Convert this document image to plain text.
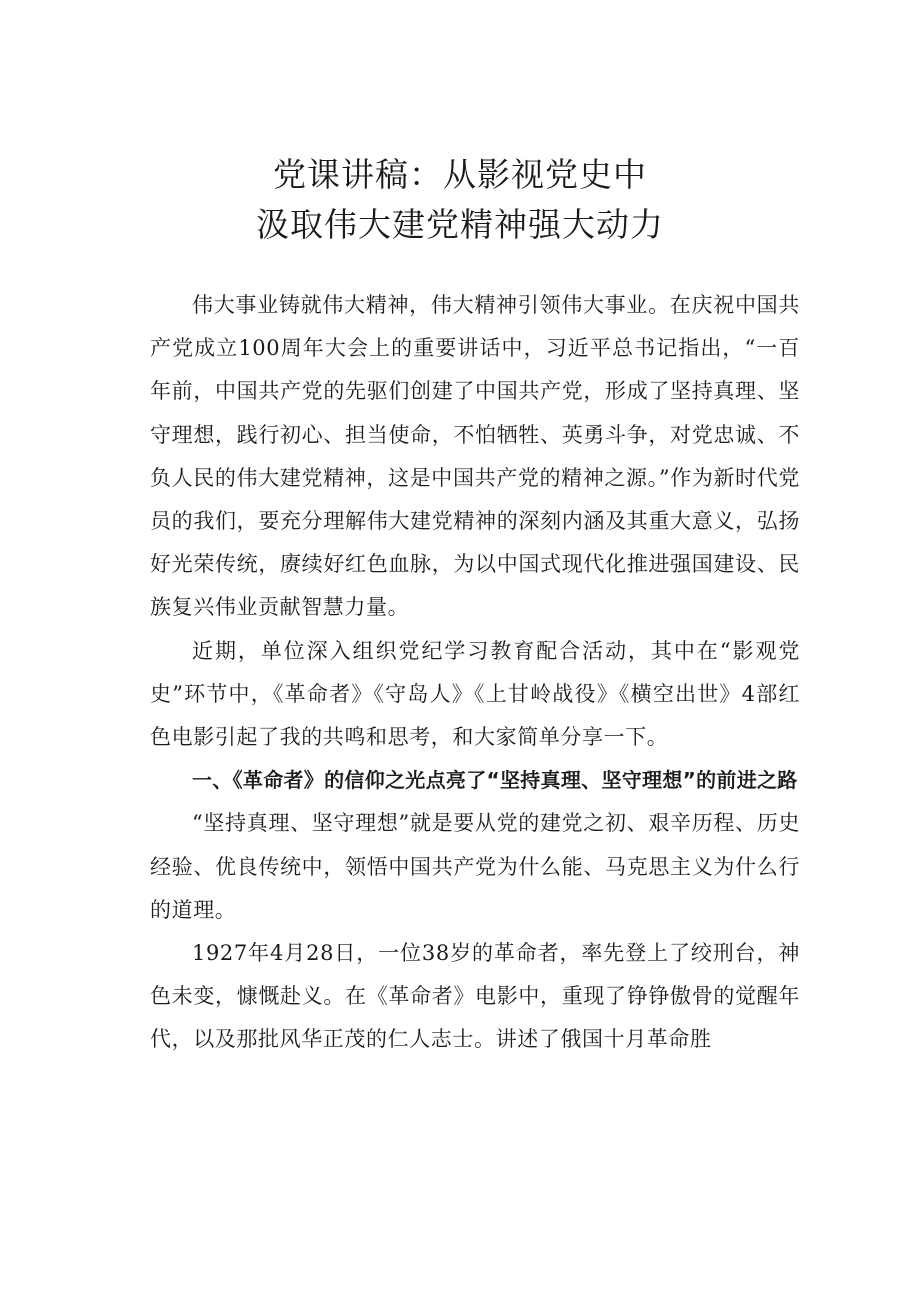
党课讲稿：从影视党史中
汲取伟大建党精神强大动力

伟大事业铸就伟大精神，伟大精神引领伟大事业。在庆祝中国共产党成立100周年大会上的重要讲话中，习近平总书记指出，“一百年前，中国共产党的先驱们创建了中国共产党，形成了坚持真理、坚守理想，践行初心、担当使命，不怕牺牲、英勇斗争，对党忠诚、不负人民的伟大建党精神，这是中国共产党的精神之源。”作为新时代党员的我们，要充分理解伟大建党精神的深刻内涵及其重大意义，弘扬好光荣传统，赓续好红色血脉，为以中国式现代化推进强国建设、民族复兴伟业贡献智慧力量。

近期，单位深入组织党纪学习教育配合活动，其中在“影观党史”环节中，《革命者》《守岛人》《上甘岭战役》《横空出世》4部红色电影引起了我的共鸣和思考，和大家简单分享一下。

一、《革命者》的信仰之光点亮了“坚持真理、坚守理想”的前进之路

“坚持真理、坚守理想”就是要从党的建党之初、艰辛历程、历史经验、优良传统中，领悟中国共产党为什么能、马克思主义为什么行的道理。

1927年4月28日，一位38岁的革命者，率先登上了绞刑台，神色未变，慷慨赴义。在《革命者》电影中，重现了铮铮傲骨的觉醒年代，以及那批风华正茂的仁人志士。讲述了俄国十月革命胜
